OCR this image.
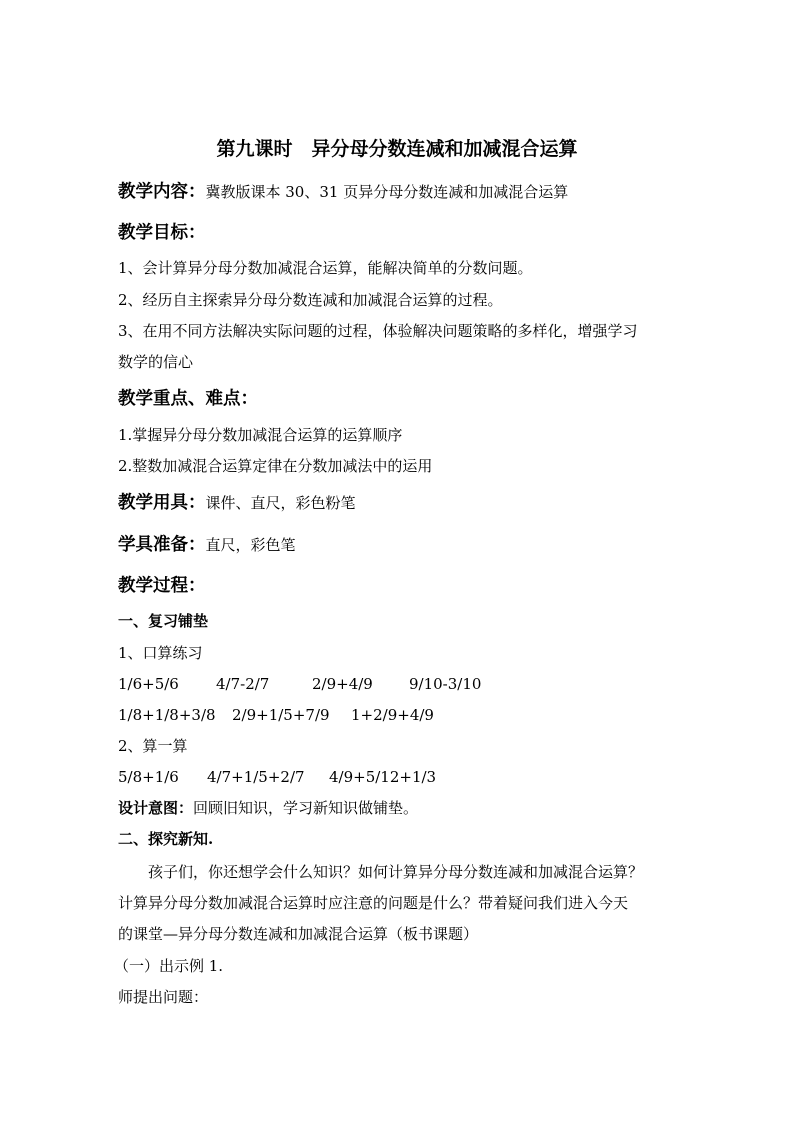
第九课时　异分母分数连减和加减混合运算
教学内容：冀教版课本 30、31 页异分母分数连减和加减混合运算
教学目标：
1、会计算异分母分数加减混合运算，能解决简单的分数问题。
2、经历自主探索异分母分数连减和加减混合运算的过程。
3、在用不同方法解决实际问题的过程，体验解决问题策略的多样化，增强学习
数学的信心
教学重点、难点：
1.掌握异分母分数加减混合运算的运算顺序
2.整数加减混合运算定律在分数加减法中的运用
教学用具：课件、直尺，彩色粉笔
学具准备：直尺，彩色笔
教学过程：
一、复习铺垫
1、口算练习
1/6+5/6 4/7-2/7	2/9+4/9 9/10-3/10
1/8+1/8+3/8 2/9+1/5+7/9 1+2/9+4/9
2、算一算
5/8+1/6 4/7+1/5+2/7 4/9+5/12+1/3
设计意图：回顾旧知识，学习新知识做铺垫。
二、探究新知.
孩子们，你还想学会什么知识？如何计算异分母分数连减和加减混合运算？
计算异分母分数加减混合运算时应注意的问题是什么？带着疑问我们进入今天
的课堂—异分母分数连减和加减混合运算（板书课题）
（一）出示例 1.
师提出问题：
